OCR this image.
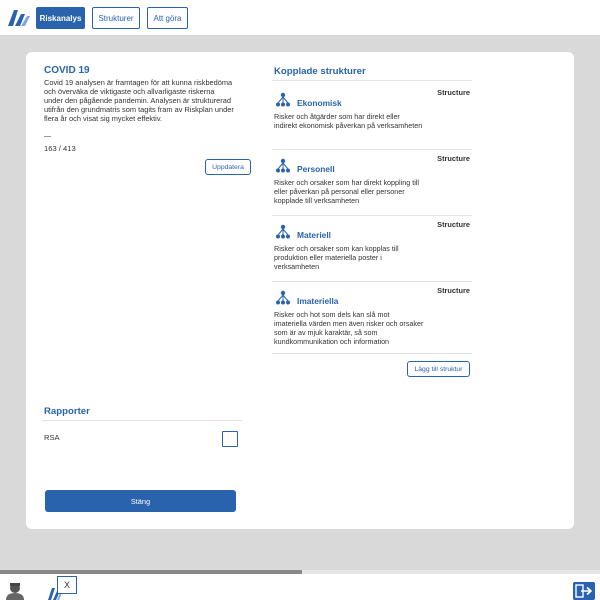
Riskanalys	Strukturer	Att göra
COVID 19
Covid 19 analysen är framtagen för att kunna riskbedöma och överväka de viktigaste och allvarligaste riskerna under den pågående pandemin. Analysen är strukturerad utifrån den grundmatris som tagits fram av Riskplan under flera år och visat sig mycket effektiv.
—
163 / 413
Uppdatera
Kopplade strukturer
Ekonomisk
Structure
Risker och åtgärder som har direkt eller indirekt ekonomisk påverkan på verksamheten
Personell
Structure
Risker och orsaker som har direkt koppling till eller påverkan på personal eller personer kopplade till verksamheten
Materiell
Structure
Risker och orsaker som kan kopplas till produktion eller materiella poster i verksamheten
Imateriella
Structure
Risker och hot som dels kan slå mot imateriella värden men även risker och orsaker som är av mjuk karaktär, så som kundkommunikation och information
Lägg till struktur
Rapporter
RSA
Stäng
X
